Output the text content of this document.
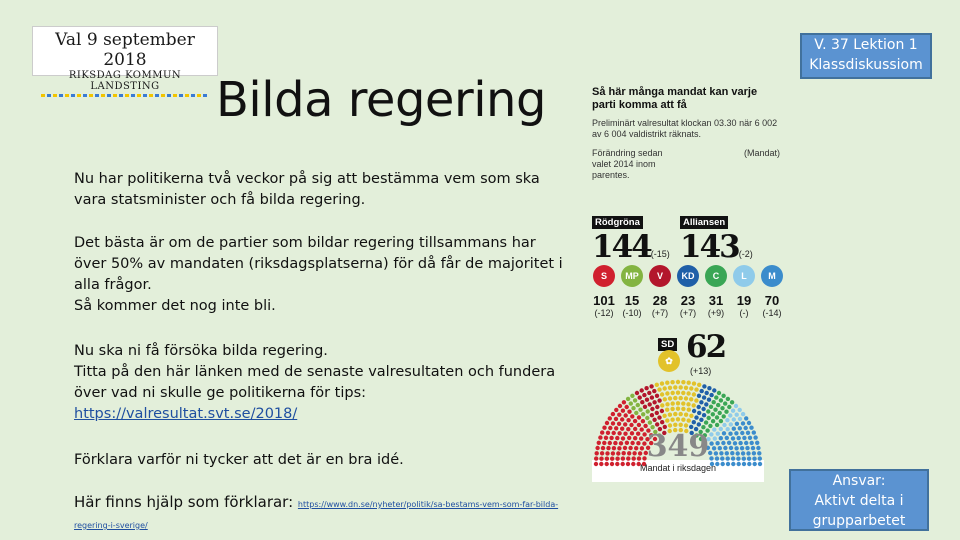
Val 9 september 2018
RIKSDAG KOMMUN LANDSTING	Bilda regering
V. 37 Lektion 1
Klassdiskussiom
Nu har politikerna två veckor på sig att bestämma vem som ska vara statsminister och få bilda regering.
Det bästa är om de partier som bildar regering tillsammans har över 50% av mandaten (riksdagsplatserna) för då får de majoritet i alla frågor.
Så kommer det nog inte bli.
Nu ska ni få försöka bilda regering.
Titta på den här länken med de senaste valresultaten och fundera över vad ni skulle ge politikerna för tips:
https://valresultat.svt.se/2018/
Förklara varför ni tycker att det är en bra idé.
Här finns hjälp som förklarar: https://www.dn.se/nyheter/politik/sa-bestams-vem-som-far-bilda-regering-i-sverige/
Ansvar:
Aktivt delta i
grupparbetet
Så här många mandat kan varje parti komma att få
Preliminärt valresultat klockan 03.30 när 6 002 av 6 004 valdistrikt räknats.
Förändring sedan valet 2014 inom parentes.
(Mandat)
Rödgröna
144(-15)
Alliansen
143(-2)
S
101
(-12)
MP
15
(-10)
V
28
(+7)
KD
23
(+7)
C
31
(+9)
L
19
(-)
M
70
(-14)
SD
✿ 62
(+13)
349
Mandat i riksdagen
